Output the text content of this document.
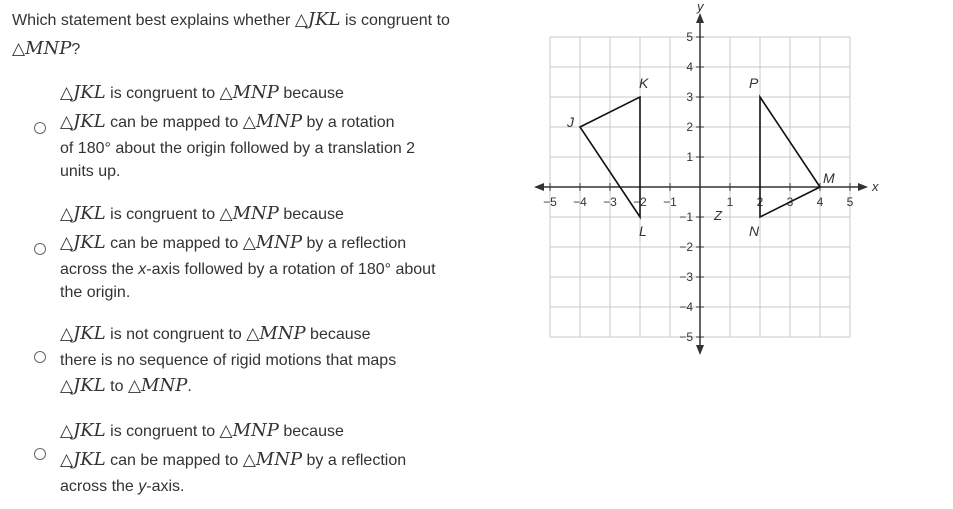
Which statement best explains whether △JKL is congruent to
△MNP?
△JKL is congruent to △MNP because
△JKL can be mapped to △MNP by a rotation
of 180° about the origin followed by a translation 2
units up.
△JKL is congruent to △MNP because
△JKL can be mapped to △MNP by a reflection
across the x-axis followed by a rotation of 180° about
the origin.
△JKL is not congruent to △MNP because
there is no sequence of rigid motions that maps
△JKL to △MNP.
△JKL is congruent to △MNP because
△JKL can be mapped to △MNP by a reflection
across the y-axis.
−5 −4 −3 −2 −1	1 2 3 4 5
5
4
3
2
1
−1
−2
−3
−4
−5
x
y
Z
J
K
L
P
N
M
